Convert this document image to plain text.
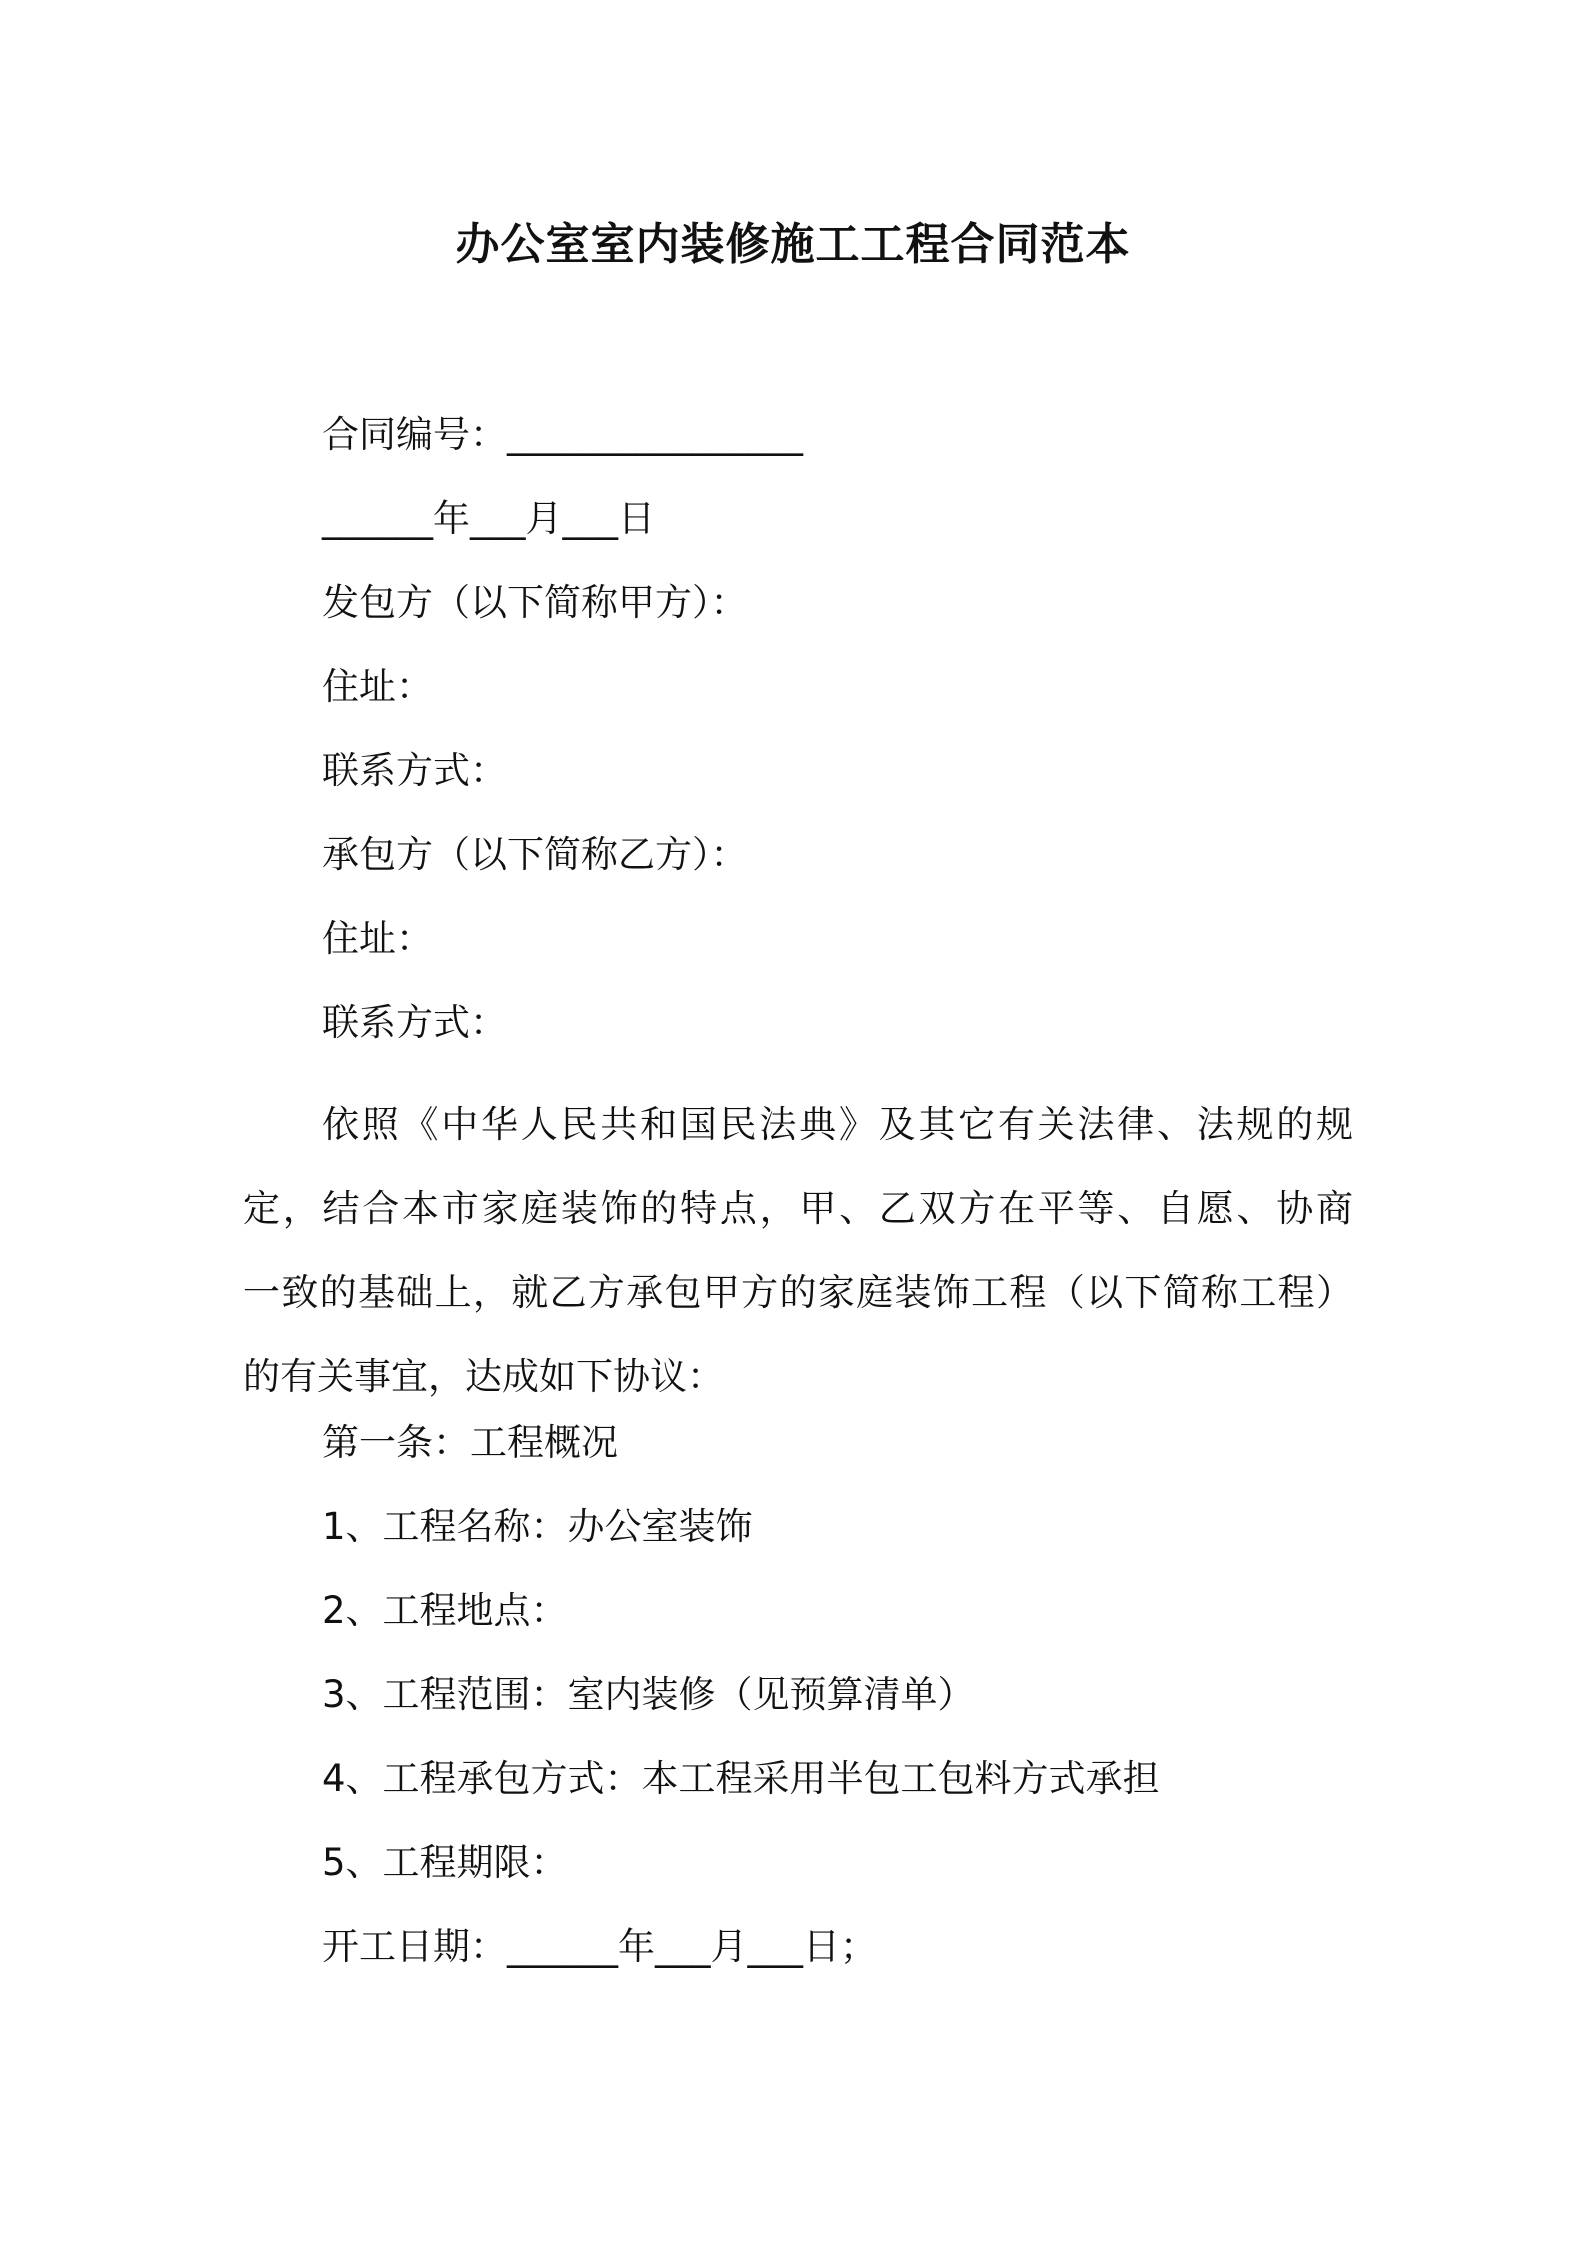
办公室室内装修施工工程合同范本
合同编号：________________
______年___月___日
发包方（以下简称甲方）：
住址：
联系方式：
承包方（以下简称乙方）：
住址：
联系方式：
依照《中华人民共和国民法典》及其它有关法律、法规的规
定，结合本市家庭装饰的特点，甲、乙双方在平等、自愿、协商
一致的基础上，就乙方承包甲方的家庭装饰工程（以下简称工程）
的有关事宜，达成如下协议：
第一条：工程概况
1、工程名称：办公室装饰
2、工程地点：
3、工程范围：室内装修（见预算清单）
4、工程承包方式：本工程采用半包工包料方式承担
5、工程期限：
开工日期：______年___月___日；
